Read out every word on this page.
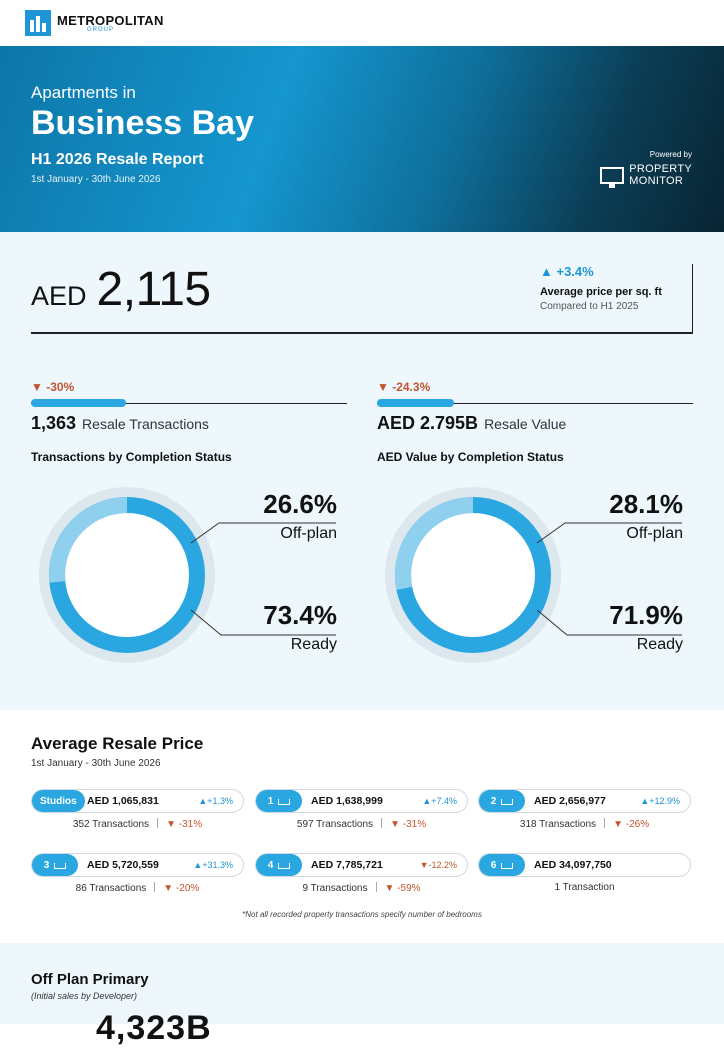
METROPOLITAN
GROUP
Apartments in
Business Bay
H1 2026 Resale Report
1st January - 30th June 2026
Powered by
PROPERTY
MONITOR
AED 2,115	▲ +3.4%
Average price per sq. ft
Compared to H1 2025
▼ -30%
1,363 Resale Transactions
Transactions by Completion Status
▼ -24.3%
AED 2.795B Resale Value
AED Value by Completion Status
26.6%
Off-plan
73.4%
Ready
28.1%
Off-plan
71.9%
Ready
Average Resale Price
1st January - 30th June 2026
Studios AED 1,065,831	▲+1.3%
352 Transactions ▼ -31%
1	AED 1,638,999	▲+7.4%
597 Transactions ▼ -31%
2	AED 2,656,977	▲+12.9%
318 Transactions ▼ -26%
3	AED 5,720,559	▲+31.3%
86 Transactions ▼ -20%
4	AED 7,785,721	▼-12.2%
9 Transactions ▼ -59%
6	AED 34,097,750
1 Transaction
*Not all recorded property transactions specify number of bedrooms
Off Plan Primary
(Initial sales by Developer)
4,323B
